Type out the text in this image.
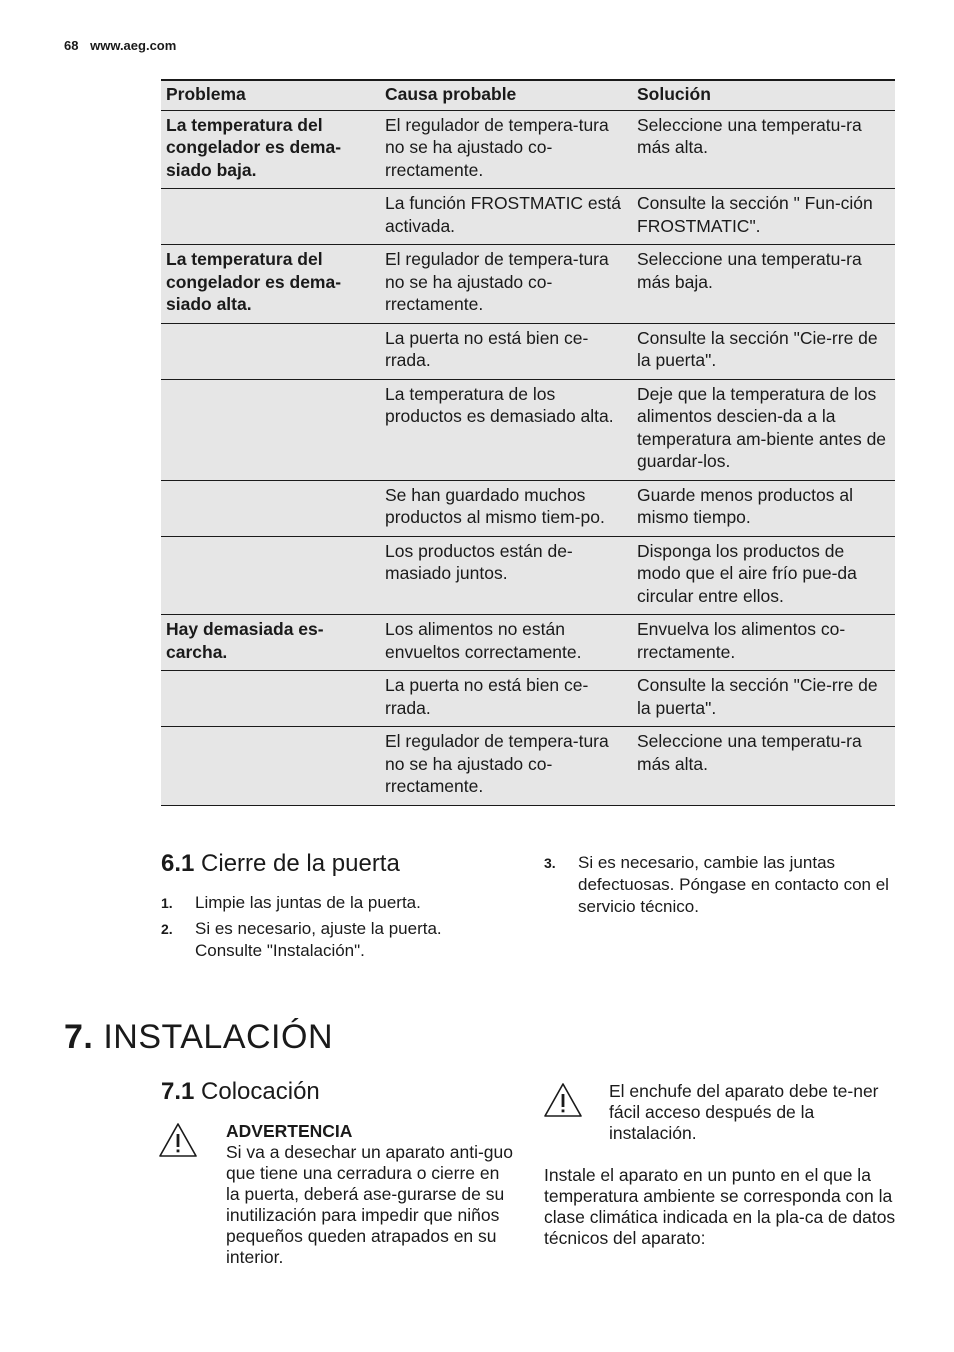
68 www.aeg.com
Problema	Causa probable	Solución
La temperatura del congelador es dema-siado baja.	El regulador de tempera-tura no se ha ajustado co-rrectamente.	Seleccione una temperatu-ra más alta.
	La función FROSTMATIC está activada.	Consulte la sección " Fun-ción FROSTMATIC".
La temperatura del congelador es dema-siado alta.	El regulador de tempera-tura no se ha ajustado co-rrectamente.	Seleccione una temperatu-ra más baja.
	La puerta no está bien ce-rrada.	Consulte la sección "Cie-rre de la puerta".
	La temperatura de los productos es demasiado alta.	Deje que la temperatura de los alimentos descien-da a la temperatura am-biente antes de guardar-los.
	Se han guardado muchos productos al mismo tiem-po.	Guarde menos productos al mismo tiempo.
	Los productos están de-masiado juntos.	Disponga los productos de modo que el aire frío pue-da circular entre ellos.
Hay demasiada es-carcha.	Los alimentos no están envueltos correctamente.	Envuelva los alimentos co-rrectamente.
	La puerta no está bien ce-rrada.	Consulte la sección "Cie-rre de la puerta".
	El regulador de tempera-tura no se ha ajustado co-rrectamente.	Seleccione una temperatu-ra más alta.
6.1 Cierre de la puerta
1. Limpie las juntas de la puerta.
2. Si es necesario, ajuste la puerta. Consulte "Instalación".
3. Si es necesario, cambie las juntas defectuosas. Póngase en contacto con el servicio técnico.
7. INSTALACIÓN
7.1 Colocación
ADVERTENCIA
Si va a desechar un aparato anti-guo que tiene una cerradura o cierre en la puerta, deberá ase-gurarse de su inutilización para impedir que niños pequeños queden atrapados en su interior.
El enchufe del aparato debe te-ner fácil acceso después de la instalación.
Instale el aparato en un punto en el que la temperatura ambiente se corresponda con la clase climática indicada en la pla-ca de datos técnicos del aparato:
